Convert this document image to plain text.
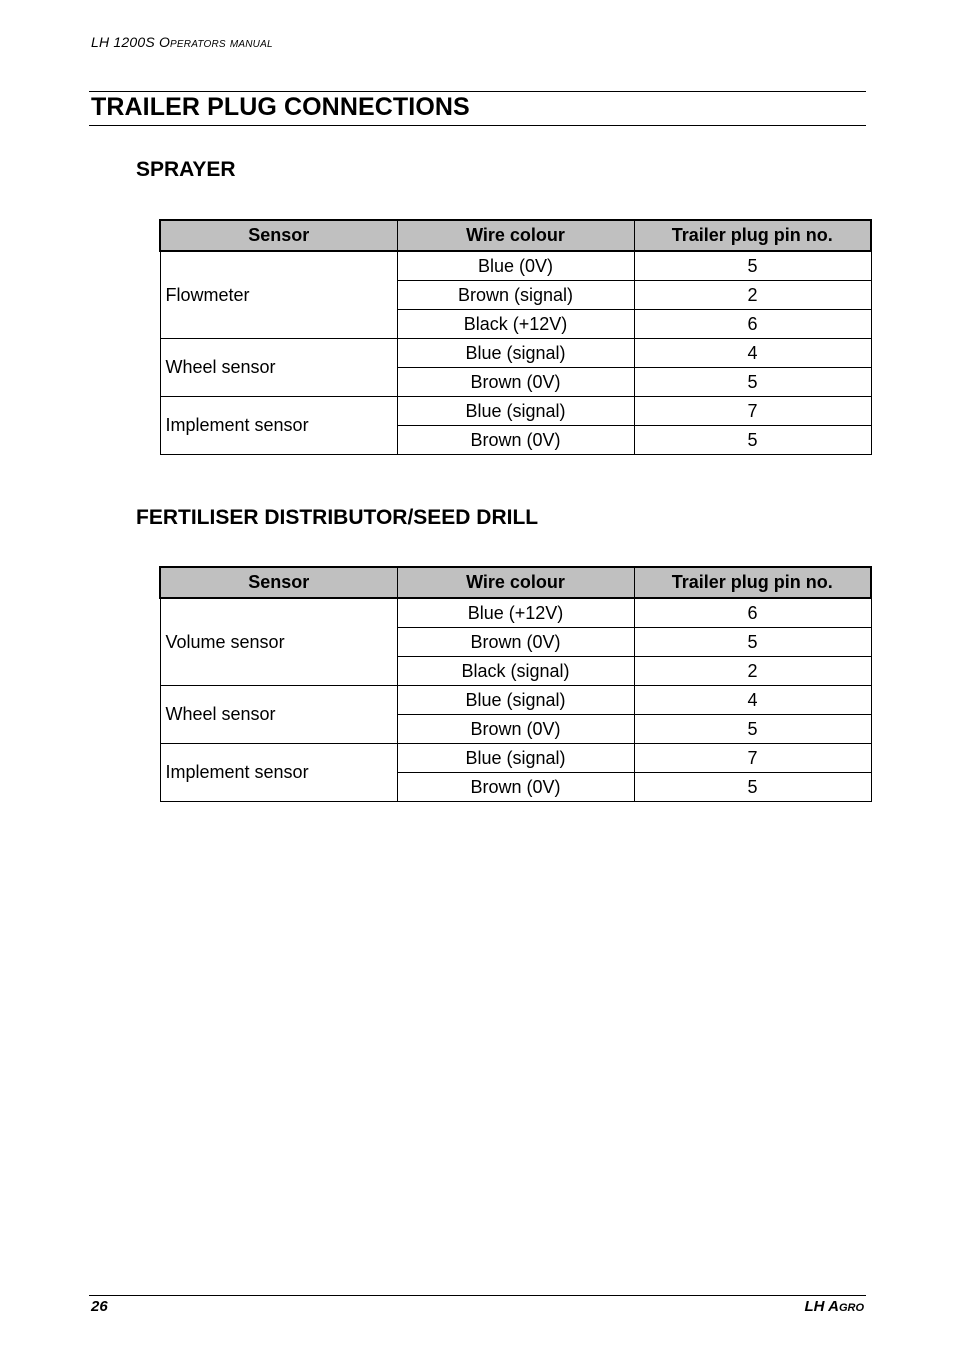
LH 1200S Operators manual
TRAILER PLUG CONNECTIONS
SPRAYER
Sensor	Wire colour	Trailer plug pin no.
Flowmeter	Blue (0V)	5
	Brown (signal)	2
	Black (+12V)	6
Wheel sensor	Blue (signal)	4
	Brown (0V)	5
Implement sensor	Blue (signal)	7
	Brown (0V)	5
FERTILISER DISTRIBUTOR/SEED DRILL
Sensor	Wire colour	Trailer plug pin no.
Volume sensor	Blue (+12V)	6
	Brown (0V)	5
	Black (signal)	2
Wheel sensor	Blue (signal)	4
	Brown (0V)	5
Implement sensor	Blue (signal)	7
	Brown (0V)	5
26	LH Agro
